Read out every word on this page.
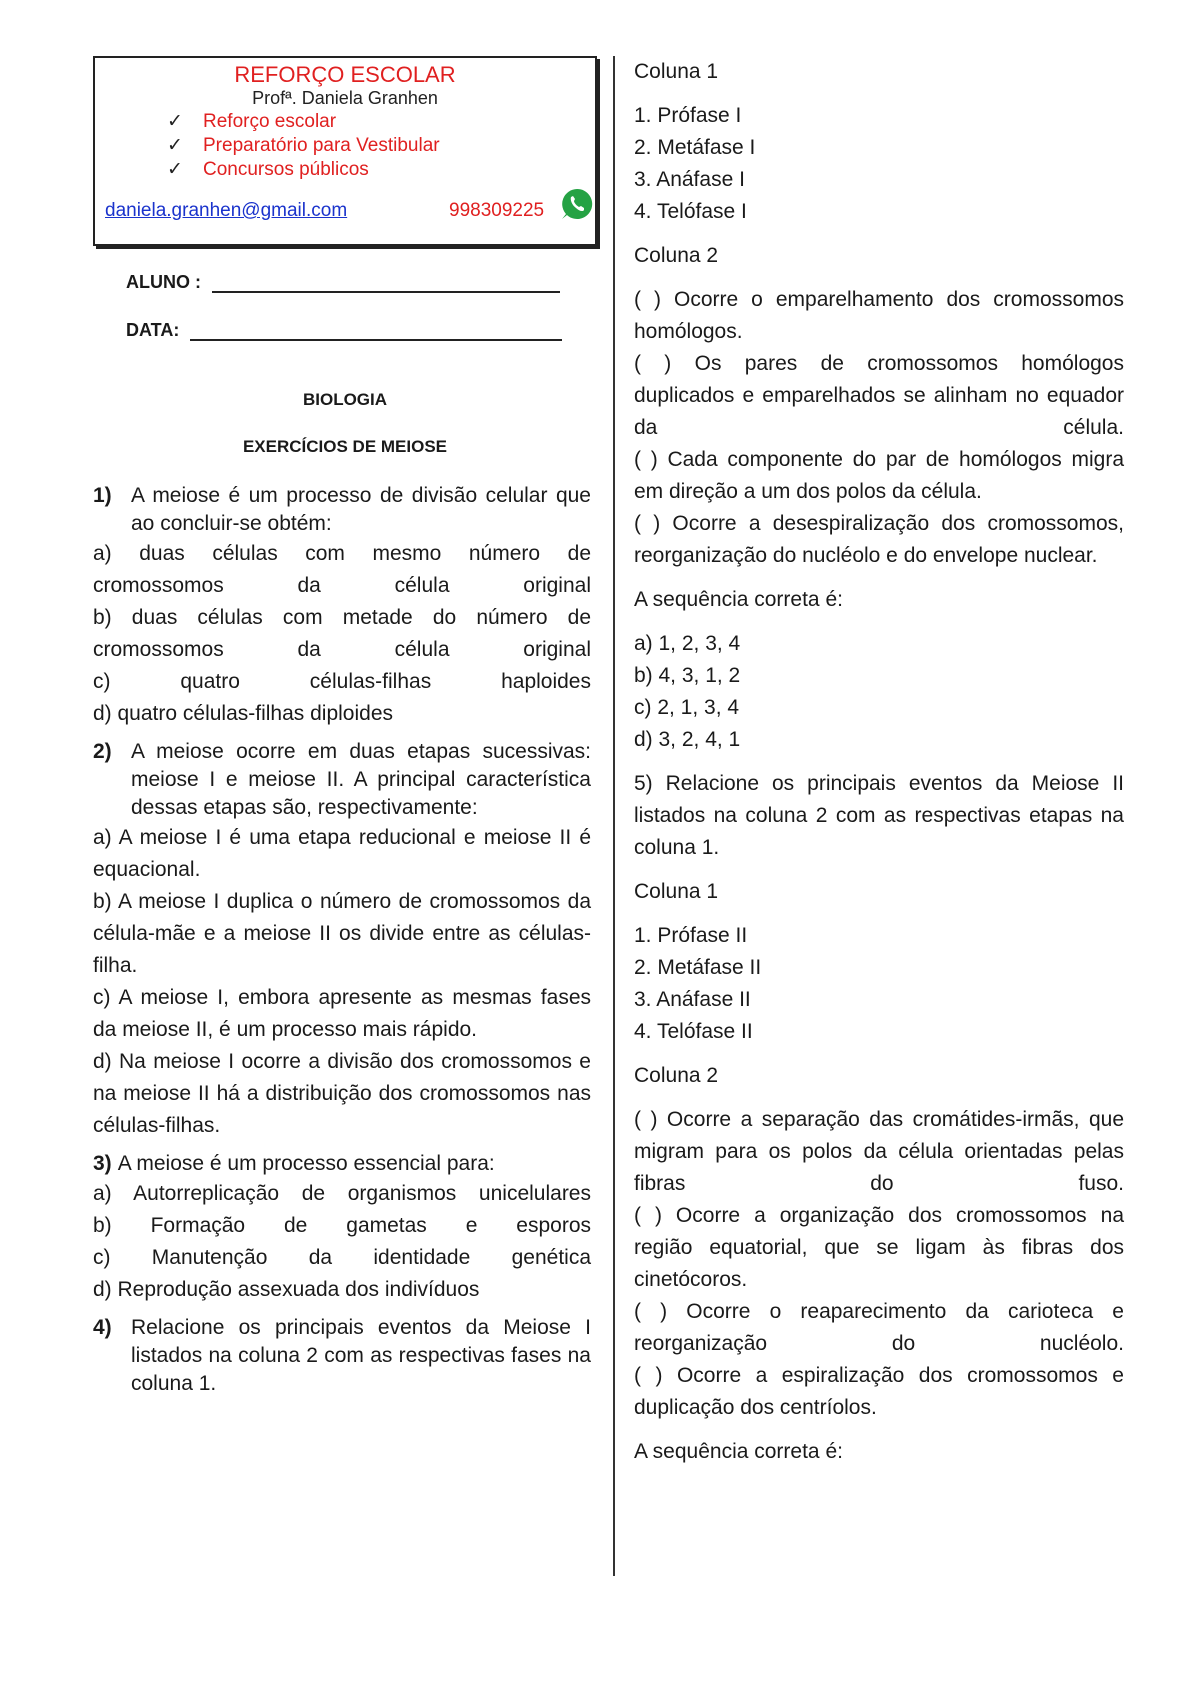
REFORÇO ESCOLAR
Profª. Daniela Granhen
✓ Reforço escolar
✓ Preparatório para Vestibular
✓ Concursos públicos
daniela.granhen@gmail.com	998309225
ALUNO :
DATA:
BIOLOGIA
EXERCÍCIOS DE MEIOSE
1) A meiose é um processo de divisão celular que ao concluir-se obtém:
a) duas células com mesmo número de cromossomos da célula original
b) duas células com metade do número de cromossomos da célula original
c) quatro células-filhas haploides
d) quatro células-filhas diploides
2) A meiose ocorre em duas etapas sucessivas: meiose I e meiose II. A principal característica dessas etapas são, respectivamente:
a) A meiose I é uma etapa reducional e meiose II é equacional.
b) A meiose I duplica o número de cromossomos da célula-mãe e a meiose II os divide entre as células-filha.
c) A meiose I, embora apresente as mesmas fases da meiose II, é um processo mais rápido.
d) Na meiose I ocorre a divisão dos cromossomos e na meiose II há a distribuição dos cromossomos nas células-filhas.
3) A meiose é um processo essencial para:
a) Autorreplicação de organismos unicelulares
b) Formação de gametas e esporos
c) Manutenção da identidade genética
d) Reprodução assexuada dos indivíduos
4) Relacione os principais eventos da Meiose I listados na coluna 2 com as respectivas fases na coluna 1.
Coluna 1
1. Prófase I
2. Metáfase I
3. Anáfase I
4. Telófase I
Coluna 2
( ) Ocorre o emparelhamento dos cromossomos homólogos.
( ) Os pares de cromossomos homólogos duplicados e emparelhados se alinham no equador da célula.
( ) Cada componente do par de homólogos migra em direção a um dos polos da célula.
( ) Ocorre a desespiralização dos cromossomos, reorganização do nucléolo e do envelope nuclear.
A sequência correta é:
a) 1, 2, 3, 4
b) 4, 3, 1, 2
c) 2, 1, 3, 4
d) 3, 2, 4, 1
5) Relacione os principais eventos da Meiose II listados na coluna 2 com as respectivas etapas na coluna 1.
Coluna 1
1. Prófase II
2. Metáfase II
3. Anáfase II
4. Telófase II
Coluna 2
( ) Ocorre a separação das cromátides-irmãs, que migram para os polos da célula orientadas pelas fibras do fuso.
( ) Ocorre a organização dos cromossomos na região equatorial, que se ligam às fibras dos cinetócoros.
( ) Ocorre o reaparecimento da carioteca e reorganização do nucléolo.
( ) Ocorre a espiralização dos cromossomos e duplicação dos centríolos.
A sequência correta é:
